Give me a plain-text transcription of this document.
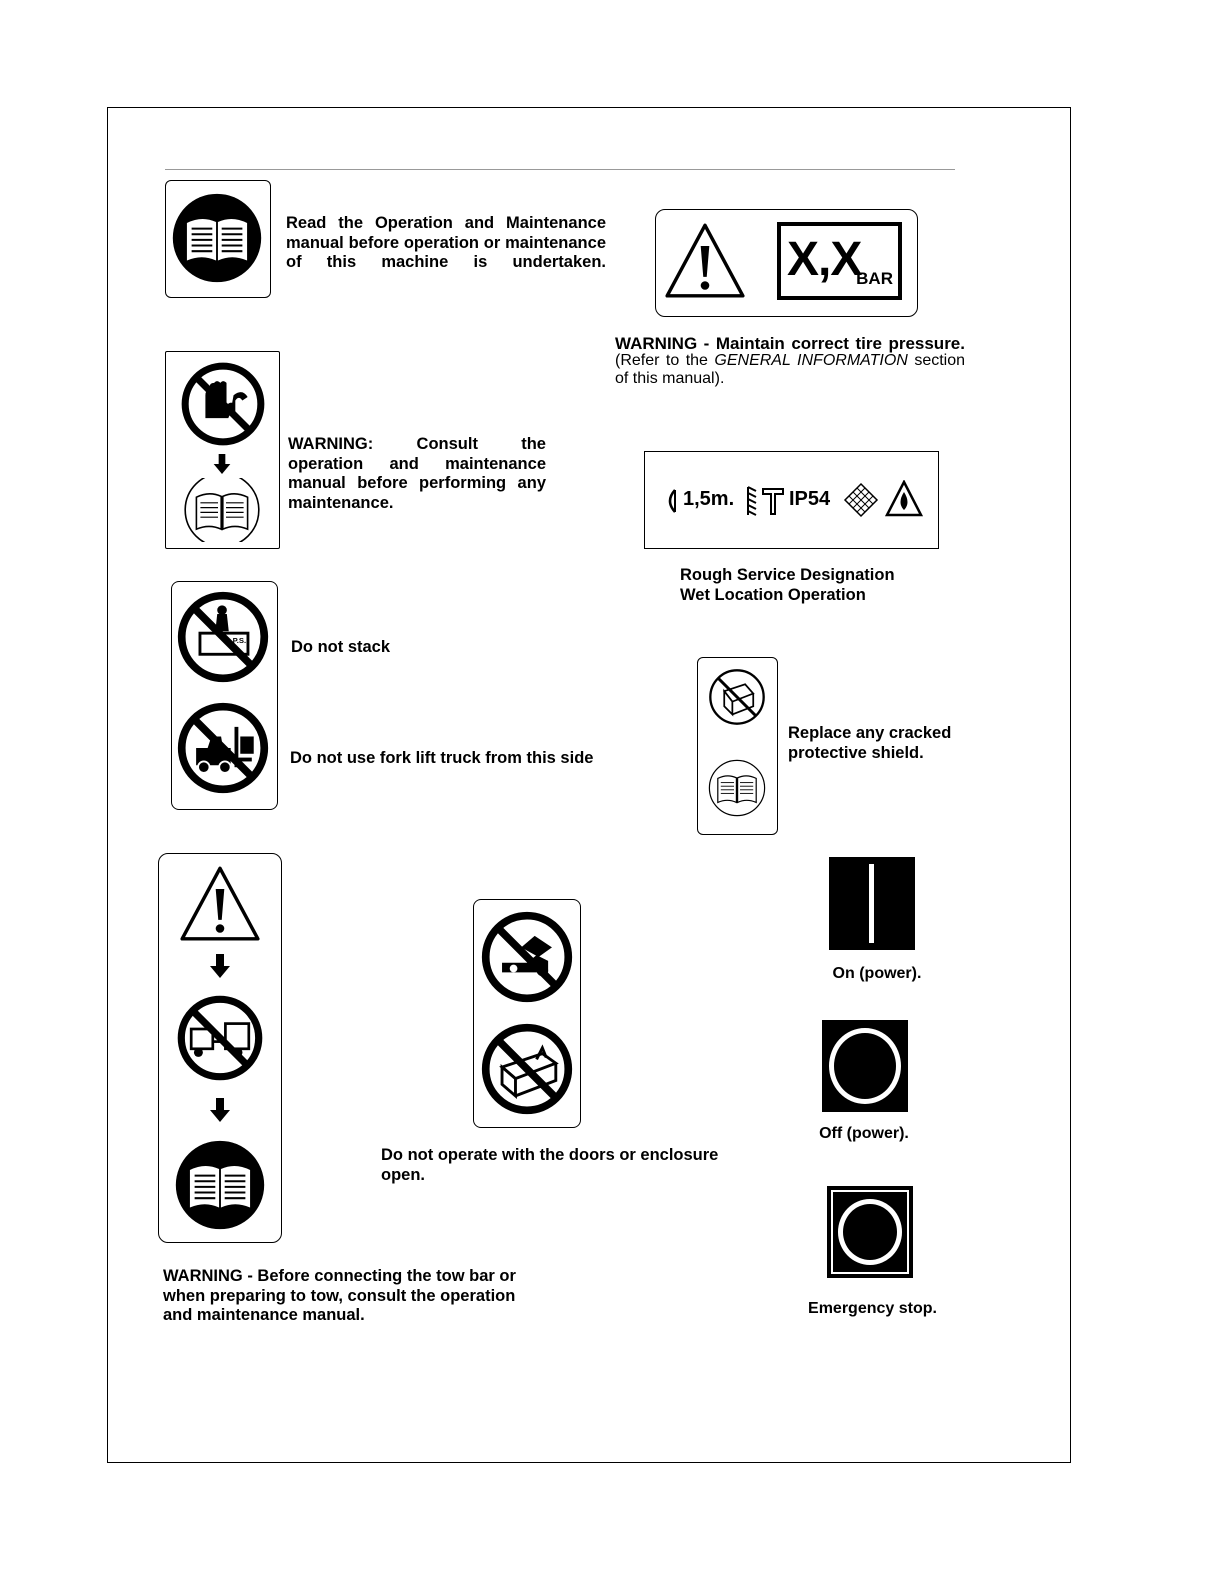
Read the Operation and Maintenance manual before operation or maintenance of this machine is undertaken.	X,X
BAR
WARNING - Maintain correct tire pressure.
(Refer to the GENERAL INFORMATION section of this manual).
WARNING: Consult the operation and maintenance manual before performing any maintenance.	1,5m.	IP54
Rough Service Designation
Wet Location Operation
P.S.	Do not stack
Do not use fork lift truck from this side
Replace any cracked protective shield.
WARNING - Before connecting the tow bar or when preparing to tow, consult the operation and maintenance manual.
Do not operate with the doors or enclosure open.
On (power).
Off (power).
Emergency stop.
